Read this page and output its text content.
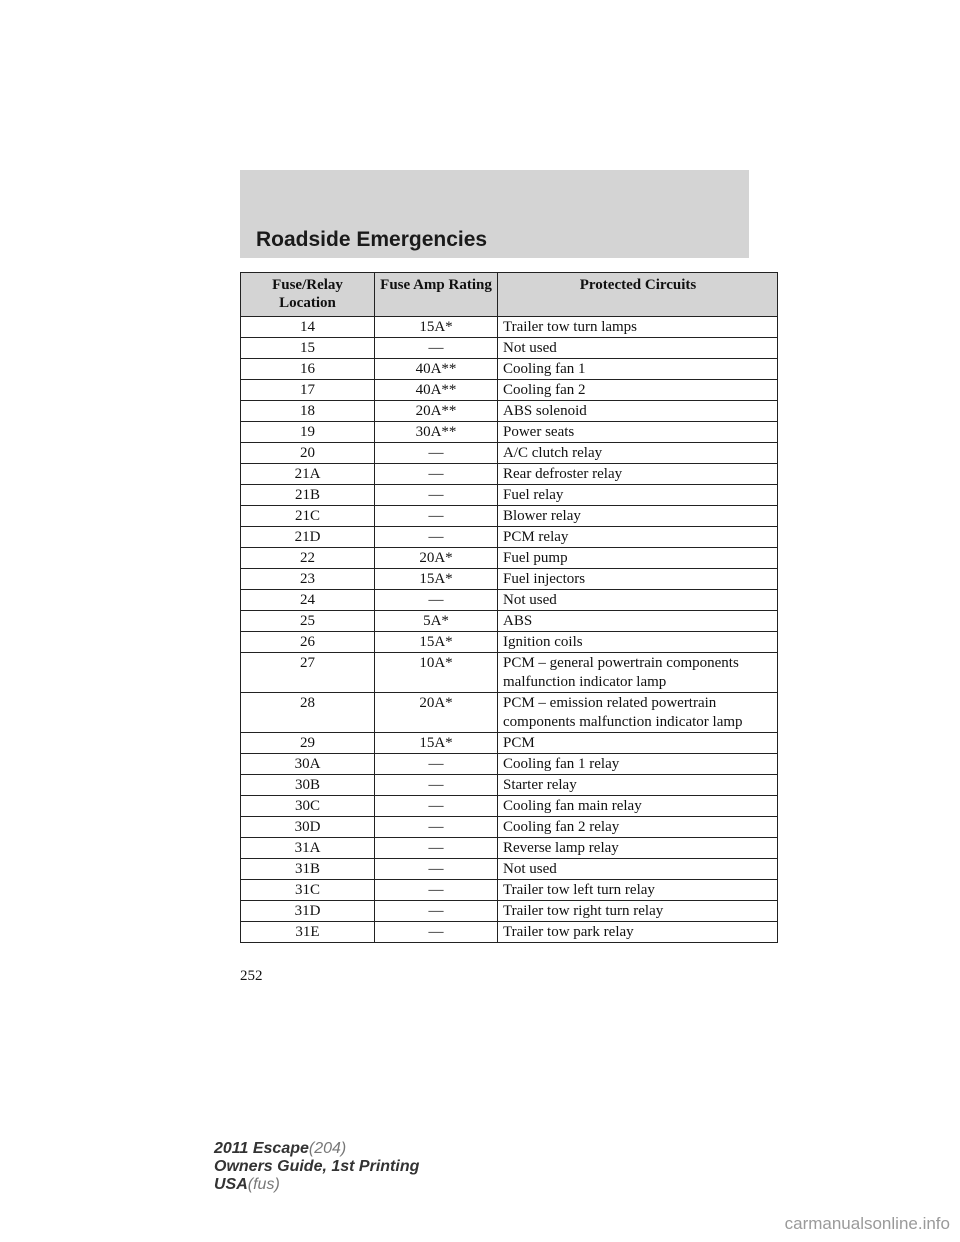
Roadside Emergencies
Fuse/Relay Location	Fuse Amp Rating	Protected Circuits
14	15A*	Trailer tow turn lamps
15	—	Not used
16	40A**	Cooling fan 1
17	40A**	Cooling fan 2
18	20A**	ABS solenoid
19	30A**	Power seats
20	—	A/C clutch relay
21A	—	Rear defroster relay
21B	—	Fuel relay
21C	—	Blower relay
21D	—	PCM relay
22	20A*	Fuel pump
23	15A*	Fuel injectors
24	—	Not used
25	5A*	ABS
26	15A*	Ignition coils
27	10A*	PCM – general powertrain components malfunction indicator lamp
28	20A*	PCM – emission related powertrain components malfunction indicator lamp
29	15A*	PCM
30A	—	Cooling fan 1 relay
30B	—	Starter relay
30C	—	Cooling fan main relay
30D	—	Cooling fan 2 relay
31A	—	Reverse lamp relay
31B	—	Not used
31C	—	Trailer tow left turn relay
31D	—	Trailer tow right turn relay
31E	—	Trailer tow park relay
252
2011 Escape(204)
Owners Guide, 1st Printing
USA(fus)
carmanualsonline.info
